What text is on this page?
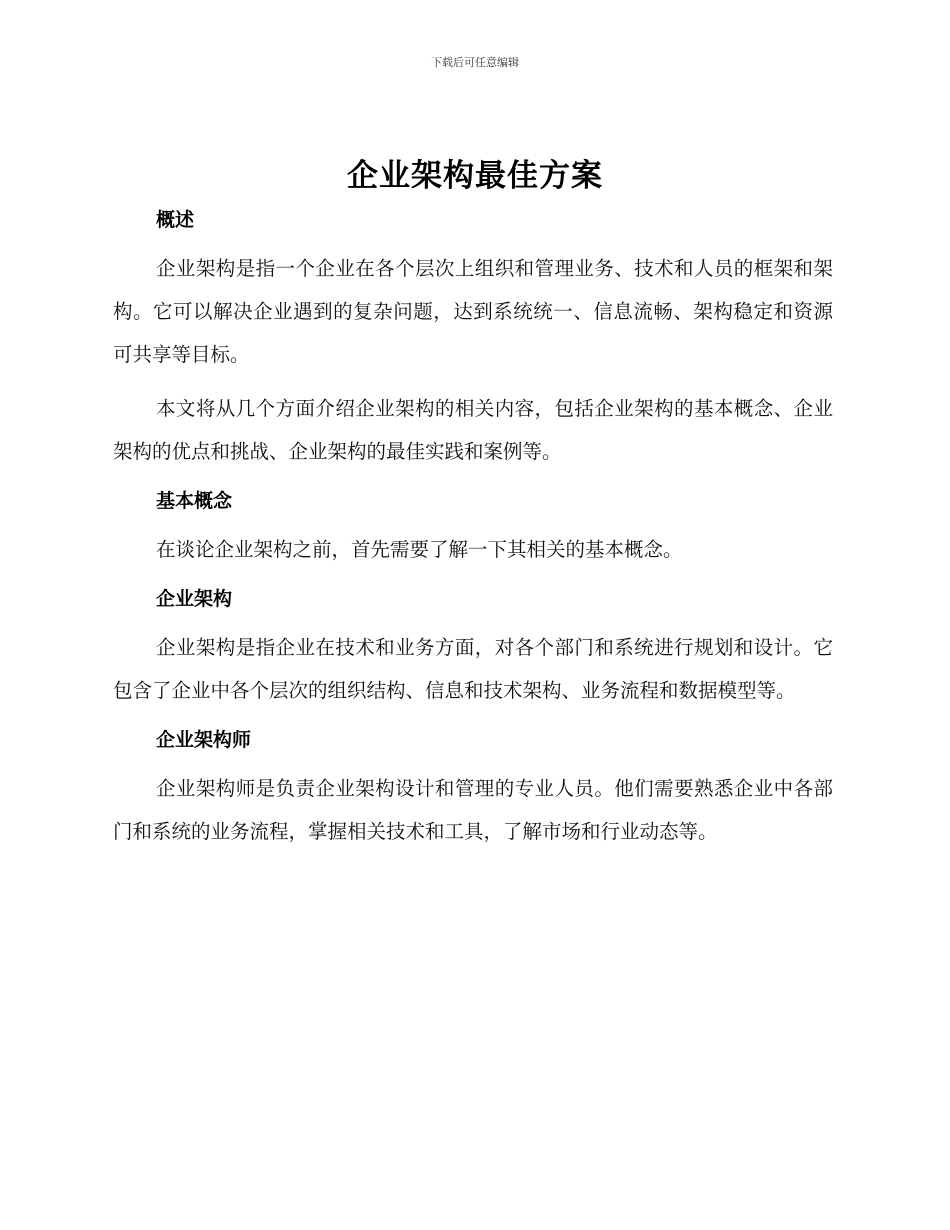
下载后可任意编辑
企业架构最佳方案
概述

企业架构是指一个企业在各个层次上组织和管理业务、技术和人员的框架和架构。它可以解决企业遇到的复杂问题，达到系统统一、信息流畅、架构稳定和资源可共享等目标。

本文将从几个方面介绍企业架构的相关内容，包括企业架构的基本概念、企业架构的优点和挑战、企业架构的最佳实践和案例等。

基本概念

在谈论企业架构之前，首先需要了解一下其相关的基本概念。

企业架构

企业架构是指企业在技术和业务方面，对各个部门和系统进行规划和设计。它包含了企业中各个层次的组织结构、信息和技术架构、业务流程和数据模型等。

企业架构师

企业架构师是负责企业架构设计和管理的专业人员。他们需要熟悉企业中各部门和系统的业务流程，掌握相关技术和工具，了解市场和行业动态等。
